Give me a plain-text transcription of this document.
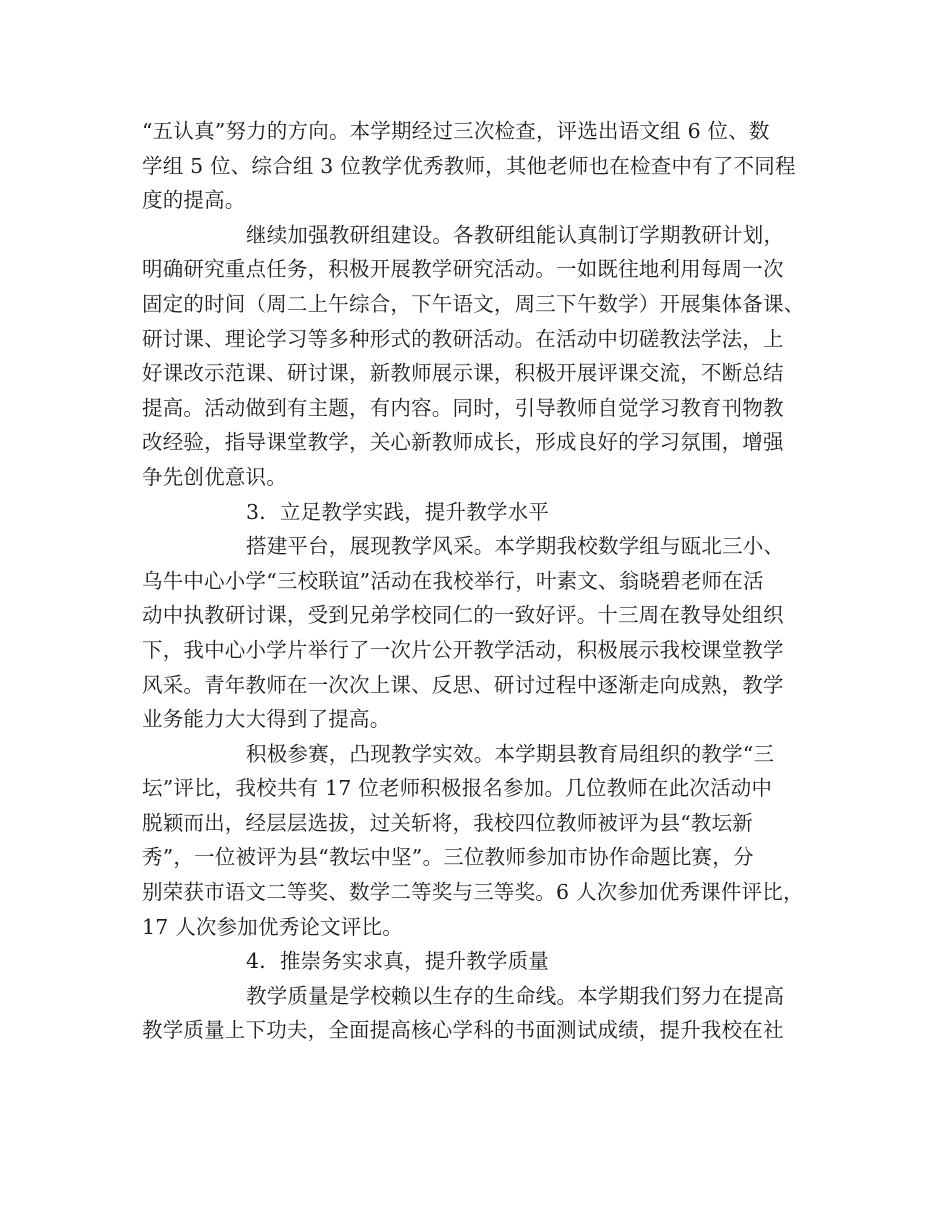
“五认真”努力的方向。本学期经过三次检查，评选出语文组 6 位、数
学组 5 位、综合组 3 位教学优秀教师，其他老师也在检查中有了不同程
度的提高。
继续加强教研组建设。各教研组能认真制订学期教研计划，
明确研究重点任务，积极开展教学研究活动。一如既往地利用每周一次
固定的时间（周二上午综合，下午语文，周三下午数学）开展集体备课、
研讨课、理论学习等多种形式的教研活动。在活动中切磋教法学法，上
好课改示范课、研讨课，新教师展示课，积极开展评课交流，不断总结
提高。活动做到有主题，有内容。同时，引导教师自觉学习教育刊物教
改经验，指导课堂教学，关心新教师成长，形成良好的学习氛围，增强
争先创优意识。
3．立足教学实践，提升教学水平
搭建平台，展现教学风采。本学期我校数学组与瓯北三小、
乌牛中心小学“三校联谊”活动在我校举行，叶素文、翁晓碧老师在活
动中执教研讨课，受到兄弟学校同仁的一致好评。十三周在教导处组织
下，我中心小学片举行了一次片公开教学活动，积极展示我校课堂教学
风采。青年教师在一次次上课、反思、研讨过程中逐渐走向成熟，教学
业务能力大大得到了提高。
积极参赛，凸现教学实效。本学期县教育局组织的教学“三
坛”评比，我校共有 17 位老师积极报名参加。几位教师在此次活动中
脱颖而出，经层层选拔，过关斩将，我校四位教师被评为县“教坛新
秀”，一位被评为县“教坛中坚”。三位教师参加市协作命题比赛，分
别荣获市语文二等奖、数学二等奖与三等奖。6 人次参加优秀课件评比，
17 人次参加优秀论文评比。
4．推崇务实求真，提升教学质量
教学质量是学校赖以生存的生命线。本学期我们努力在提高
教学质量上下功夫，全面提高核心学科的书面测试成绩，提升我校在社
